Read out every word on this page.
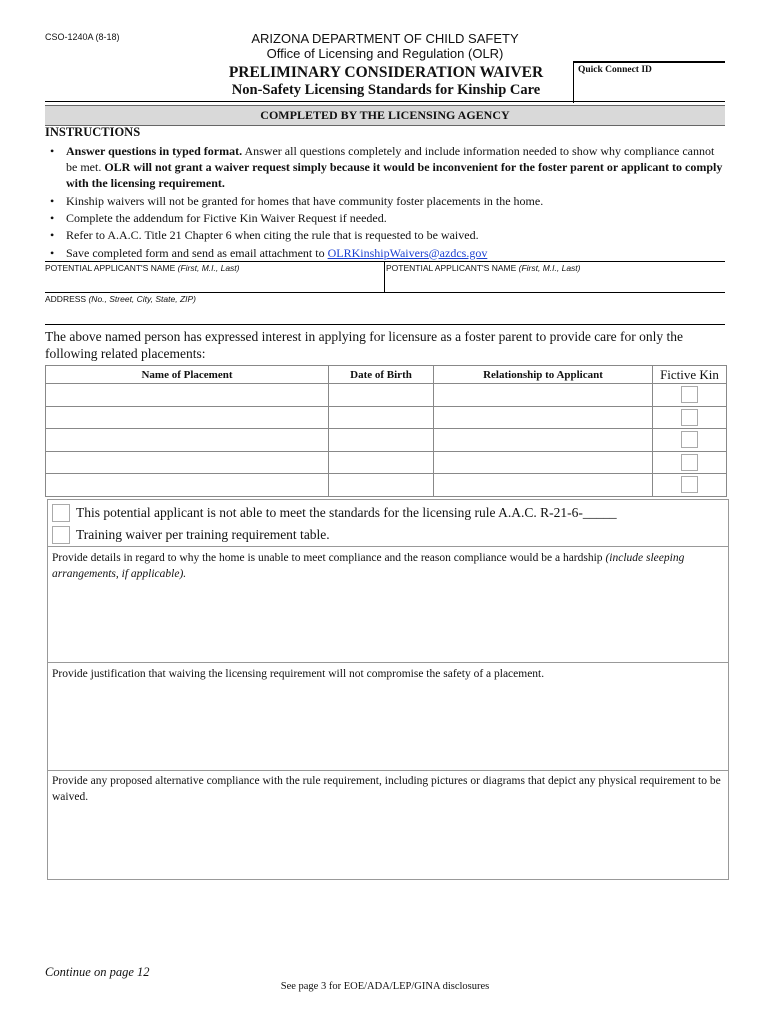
CSO-1240A (8-18)	ARIZONA DEPARTMENT OF CHILD SAFETY
Office of Licensing and Regulation (OLR)
PRELIMINARY CONSIDERATION WAIVER
Non-Safety Licensing Standards for Kinship Care
Quick Connect ID
COMPLETED BY THE LICENSING AGENCY
INSTRUCTIONS
• Answer questions in typed format. Answer all questions completely and include information needed to show why compliance cannot be met. OLR will not grant a waiver request simply because it would be inconvenient for the foster parent or applicant to comply with the licensing requirement.
• Kinship waivers will not be granted for homes that have community foster placements in the home.
• Complete the addendum for Fictive Kin Waiver Request if needed.
• Refer to A.A.C. Title 21 Chapter 6 when citing the rule that is requested to be waived.
• Save completed form and send as email attachment to OLRKinshipWaivers@azdcs.gov
POTENTIAL APPLICANT'S NAME (First, M.I., Last)	POTENTIAL APPLICANT'S NAME (First, M.I., Last)
ADDRESS (No., Street, City, State, ZIP)
The above named person has expressed interest in applying for licensure as a foster parent to provide care for only the following related placements:
Name of Placement	Date of Birth	Relationship to Applicant	Fictive Kin

This potential applicant is not able to meet the standards for the licensing rule A.A.C. R-21-6-_____
Training waiver per training requirement table.
Provide details in regard to why the home is unable to meet compliance and the reason compliance would be a hardship (include sleeping arrangements, if applicable).
Provide justification that waiving the licensing requirement will not compromise the safety of a placement.
Provide any proposed alternative compliance with the rule requirement, including pictures or diagrams that depict any physical requirement to be waived.
Continue on page 12
See page 3 for EOE/ADA/LEP/GINA disclosures
